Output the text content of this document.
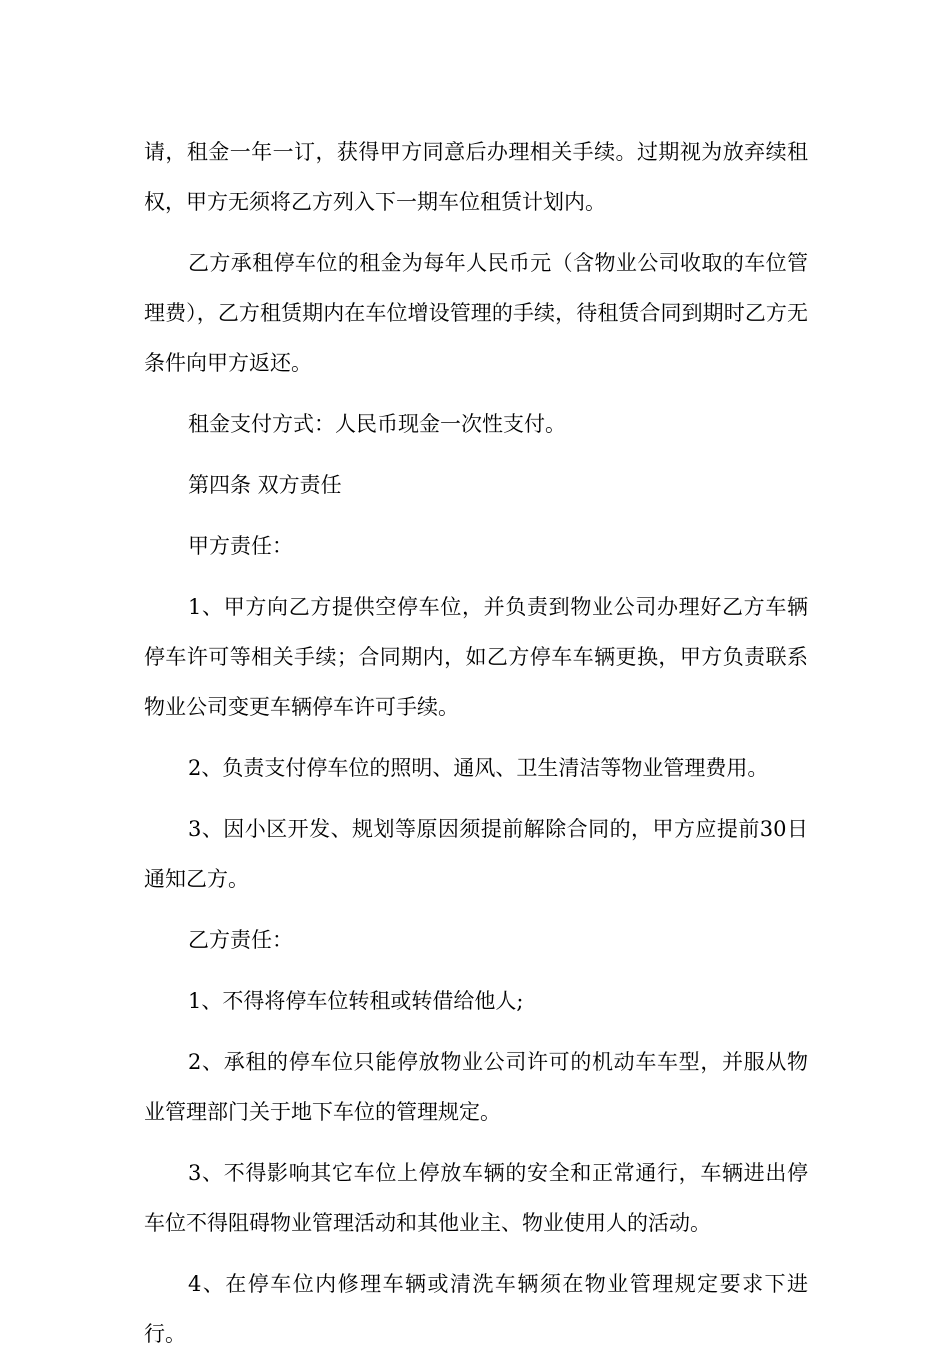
请，租金一年一订，获得甲方同意后办理相关手续。过期视为放弃续租权，甲方无须将乙方列入下一期车位租赁计划内。

乙方承租停车位的租金为每年人民币元（含物业公司收取的车位管理费），乙方租赁期内在车位增设管理的手续，待租赁合同到期时乙方无条件向甲方返还。

租金支付方式：人民币现金一次性支付。

第四条 双方责任

甲方责任：

1、甲方向乙方提供空停车位，并负责到物业公司办理好乙方车辆停车许可等相关手续；合同期内，如乙方停车车辆更换，甲方负责联系物业公司变更车辆停车许可手续。

2、负责支付停车位的照明、通风、卫生清洁等物业管理费用。

3、因小区开发、规划等原因须提前解除合同的，甲方应提前30日通知乙方。

乙方责任：

1、不得将停车位转租或转借给他人;

2、承租的停车位只能停放物业公司许可的机动车车型，并服从物业管理部门关于地下车位的管理规定。

3、不得影响其它车位上停放车辆的安全和正常通行，车辆进出停车位不得阻碍物业管理活动和其他业主、物业使用人的活动。

4、在停车位内修理车辆或清洗车辆须在物业管理规定要求下进行。
